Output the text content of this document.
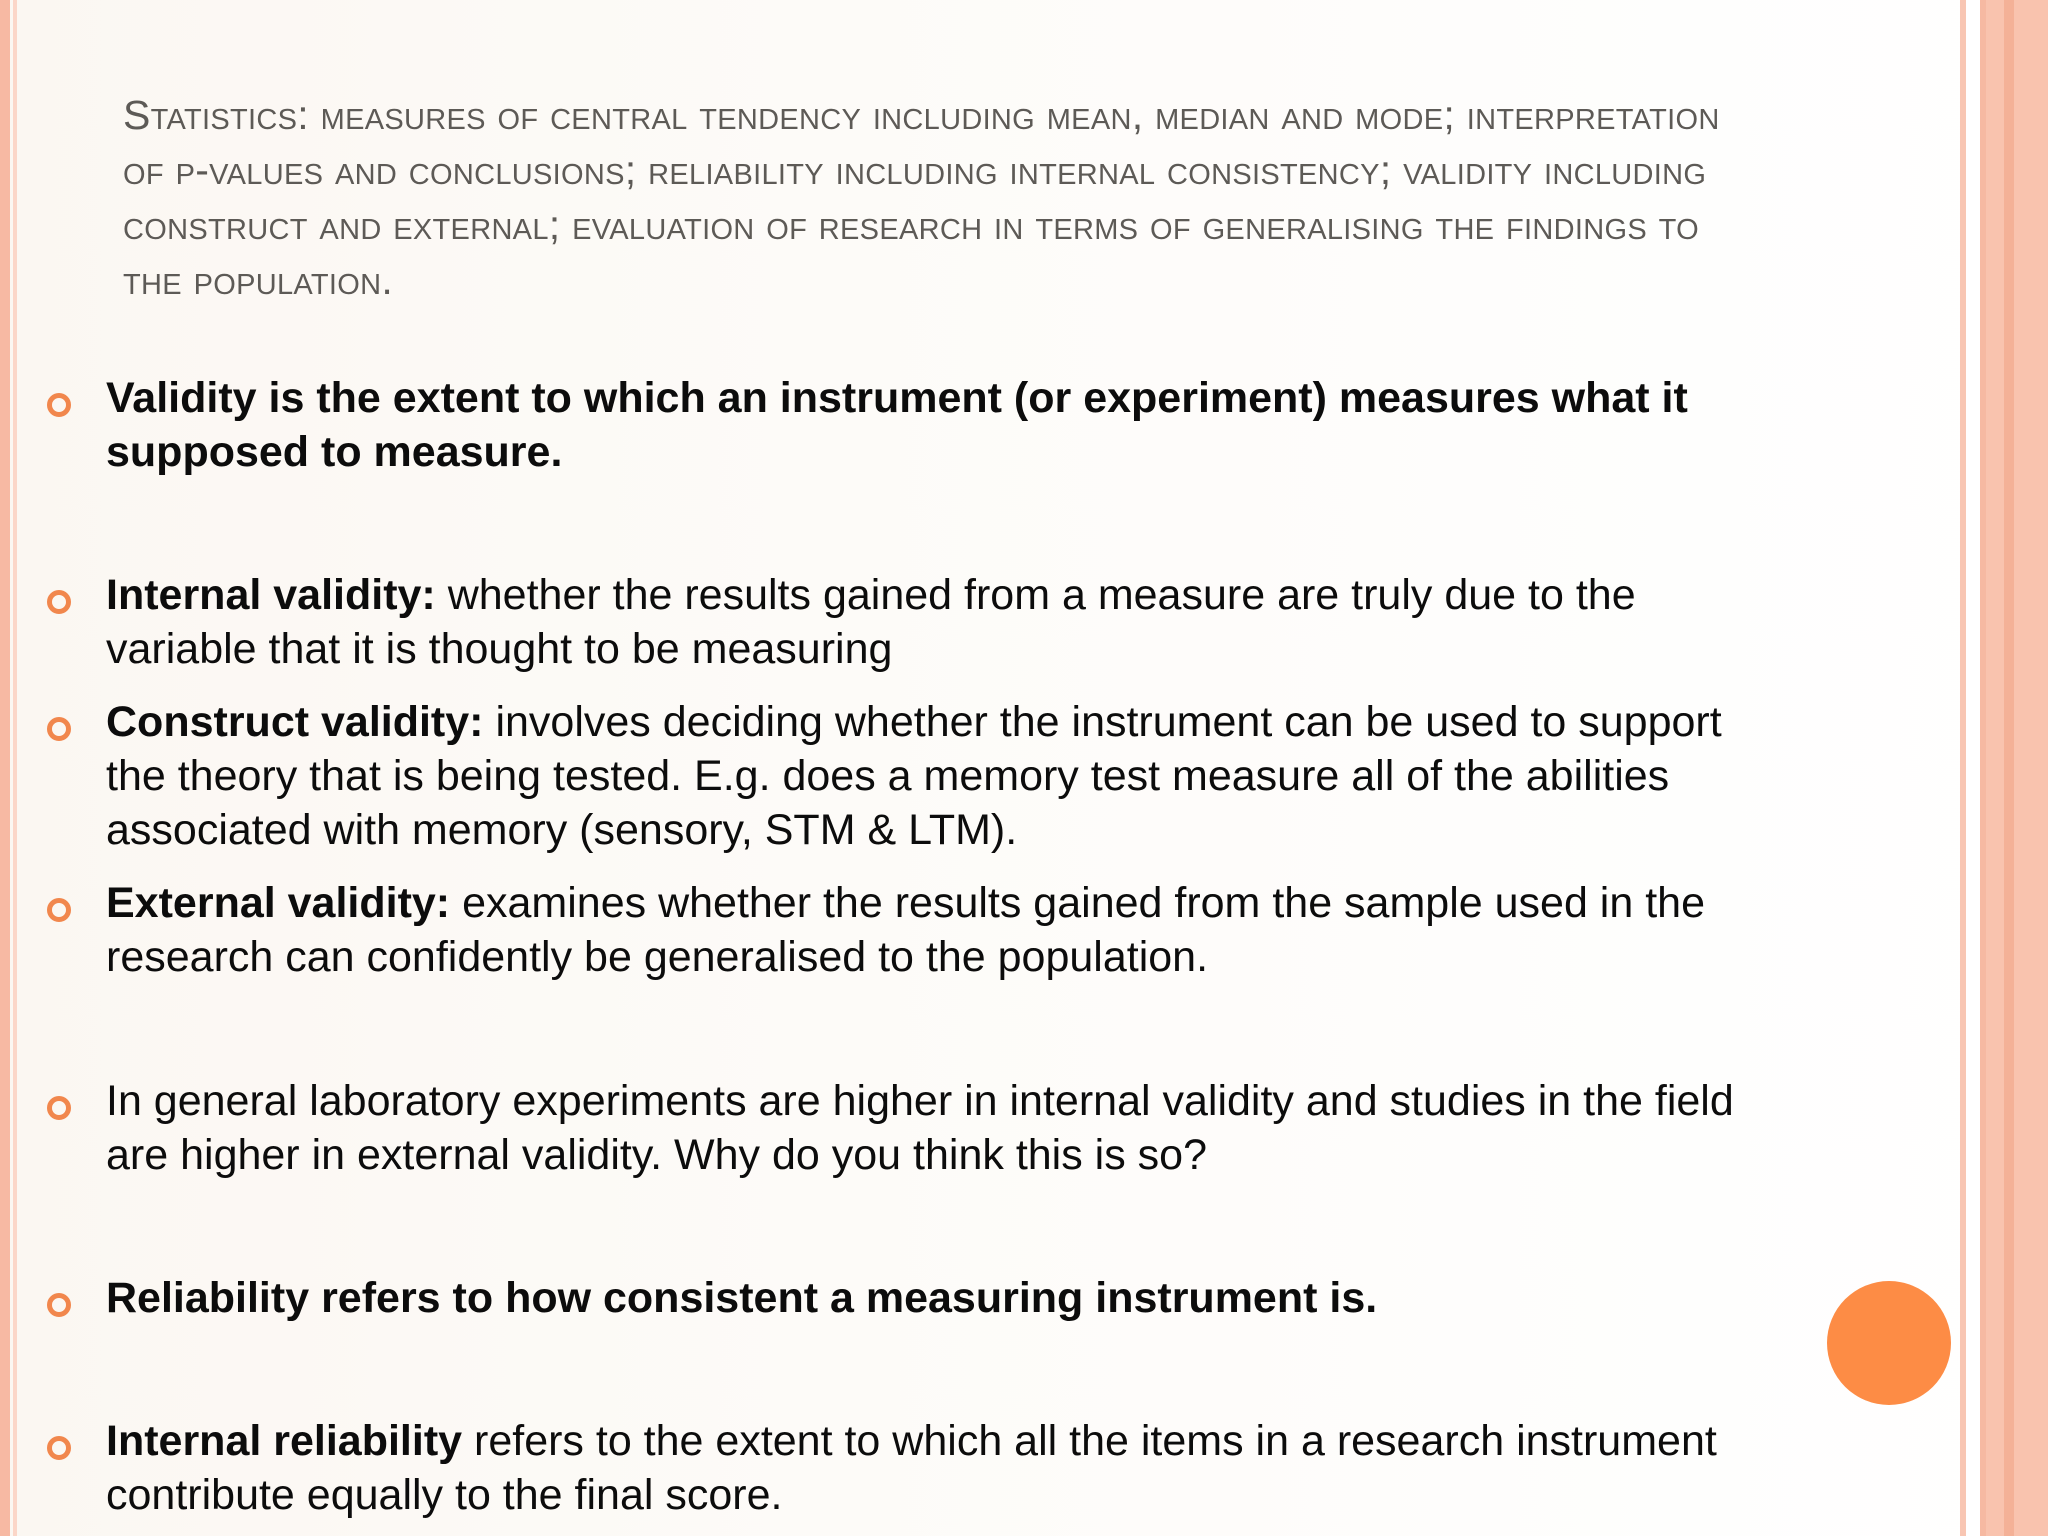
Statistics: measures of central tendency including mean, median and mode; interpretation of p-values and conclusions; reliability including internal consistency; validity including construct and external; evaluation of research in terms of generalising the findings to the population.
Validity is the extent to which an instrument (or experiment) measures what it supposed to measure.
Internal validity: whether the results gained from a measure are truly due to the variable that it is thought to be measuring
Construct validity: involves deciding whether the instrument can be used to support the theory that is being tested. E.g. does a memory test measure all of the abilities associated with memory (sensory, STM & LTM).
External validity: examines whether the results gained from the sample used in the research can confidently be generalised to the population.
In general laboratory experiments are higher in internal validity and studies in the field are higher in external validity. Why do you think this is so?
Reliability refers to how consistent a measuring instrument is.
Internal reliability refers to the extent to which all the items in a research instrument contribute equally to the final score.
